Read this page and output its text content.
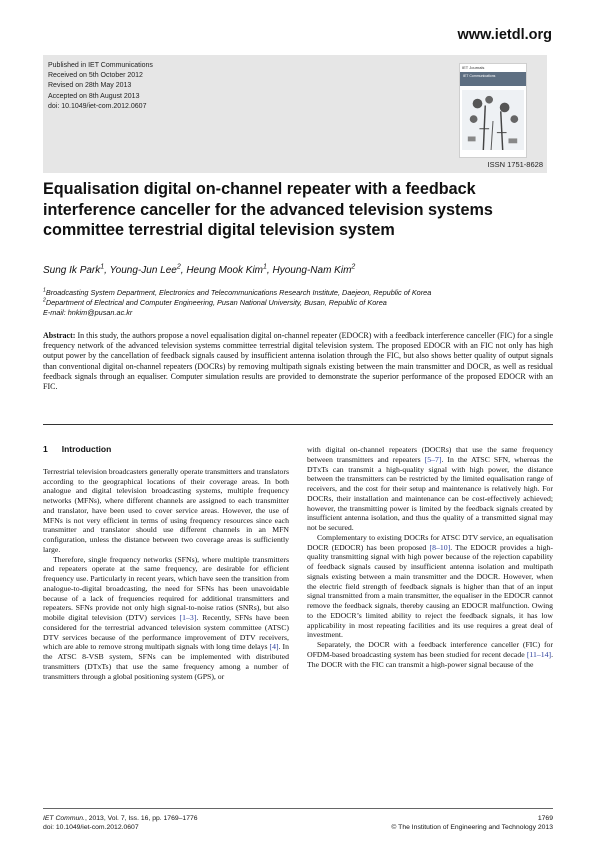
www.ietdl.org
Published in IET Communications
Received on 5th October 2012
Revised on 28th May 2013
Accepted on 8th August 2013
doi: 10.1049/iet-com.2012.0607
IET Journals
IET Communications
ISSN 1751-8628
Equalisation digital on-channel repeater with a feedback interference canceller for the advanced television systems committee terrestrial digital television system
Sung Ik Park$^1$, Young-Jun Lee$^2$, Heung Mook Kim$^1$, Hyoung-Nam Kim$^2$
$^1$Broadcasting System Department, Electronics and Telecommunications Research Institute, Daejeon, Republic of Korea
$^2$Department of Electrical and Computer Engineering, Pusan National University, Busan, Republic of Korea
E-mail: hnkim@pusan.ac.kr
Abstract: In this study, the authors propose a novel equalisation digital on-channel repeater (EDOCR) with a feedback interference canceller (FIC) for a single frequency network of the advanced television systems committee terrestrial digital television system. The proposed EDOCR with an FIC not only has high output power by the cancellation of feedback signals caused by insufficient antenna isolation through the FIC, but also shows better quality of output signals than conventional digital on-channel repeaters (DOCRs) by removing multipath signals existing between the main transmitter and DOCR, as well as residual feedback signals through an equaliser. Computer simulation results are provided to demonstrate the superior performance of the proposed EDOCR with an FIC.
1 Introduction

Terrestrial television broadcasters generally operate transmitters and translators according to the geographical locations of their coverage areas. In both analogue and digital television broadcasting systems, multiple frequency networks (MFNs), where different channels are assigned to each transmitter and translator, have been used to cover service areas. However, the use of MFNs is not very efficient in terms of using frequency resources since each transmitter and translator should use different channels in an MFN configuration, unless the distance between two coverage areas is sufficiently large.

Therefore, single frequency networks (SFNs), where multiple transmitters and repeaters operate at the same frequency, are desirable for efficient frequency use. Particularly in recent years, which have seen the transition from analogue-to-digital broadcasting, the need for SFNs has been unavoidable because of a lack of frequencies required for additional transmitters and repeaters. SFNs provide not only high signal-to-noise ratios (SNRs), but also mobile digital television (DTV) services [1–3]. Recently, SFNs have been considered for the terrestrial advanced television system committee (ATSC) DTV services because of the performance improvement of DTV receivers, which are able to remove strong multipath signals with long time delays [4]. In the ATSC 8-VSB system, SFNs can be implemented with distributed transmitters (DTxTs) that use the same frequency among a number of transmitters through a global positioning system (GPS), or

with digital on-channel repeaters (DOCRs) that use the same frequency between transmitters and repeaters [5–7]. In the ATSC SFN, whereas the DTxTs can transmit a high-quality signal with high power, the distance between the transmitters can be restricted by the limited equalisation range of receivers, and the cost for their setup and maintenance is relatively high. For DOCRs, their installation and maintenance can be cost-effectively achieved; however, the transmitting power is limited by the feedback signals created by insufficient antenna isolation, and thus the quality of a transmitted signal may not be secured.

Complementary to existing DOCRs for ATSC DTV service, an equalisation DOCR (EDOCR) has been proposed [8–10]. The EDOCR provides a high-quality transmitting signal with high power because of the rejection capability of feedback signals caused by insufficient antenna isolation and multipath signals existing between a main transmitter and the DOCR. However, when the electric field strength of feedback signals is higher than that of an input signal transmitted from a main transmitter, the equaliser in the EDOCR cannot remove the feedback signals, thereby causing an EDOCR malfunction. Owing to the EDOCR’s limited ability to reject the feedback signals, it has low applicability in most repeating facilities and its use requires a great deal of investment.

Separately, the DOCR with a feedback interference canceller (FIC) for OFDM-based broadcasting system has been studied for recent decade [11–14]. The DOCR with the FIC can transmit a high-power signal because of the

IET Commun., 2013, Vol. 7, Iss. 16, pp. 1769–1776
doi: 10.1049/iet-com.2012.0607
1769
© The Institution of Engineering and Technology 2013
